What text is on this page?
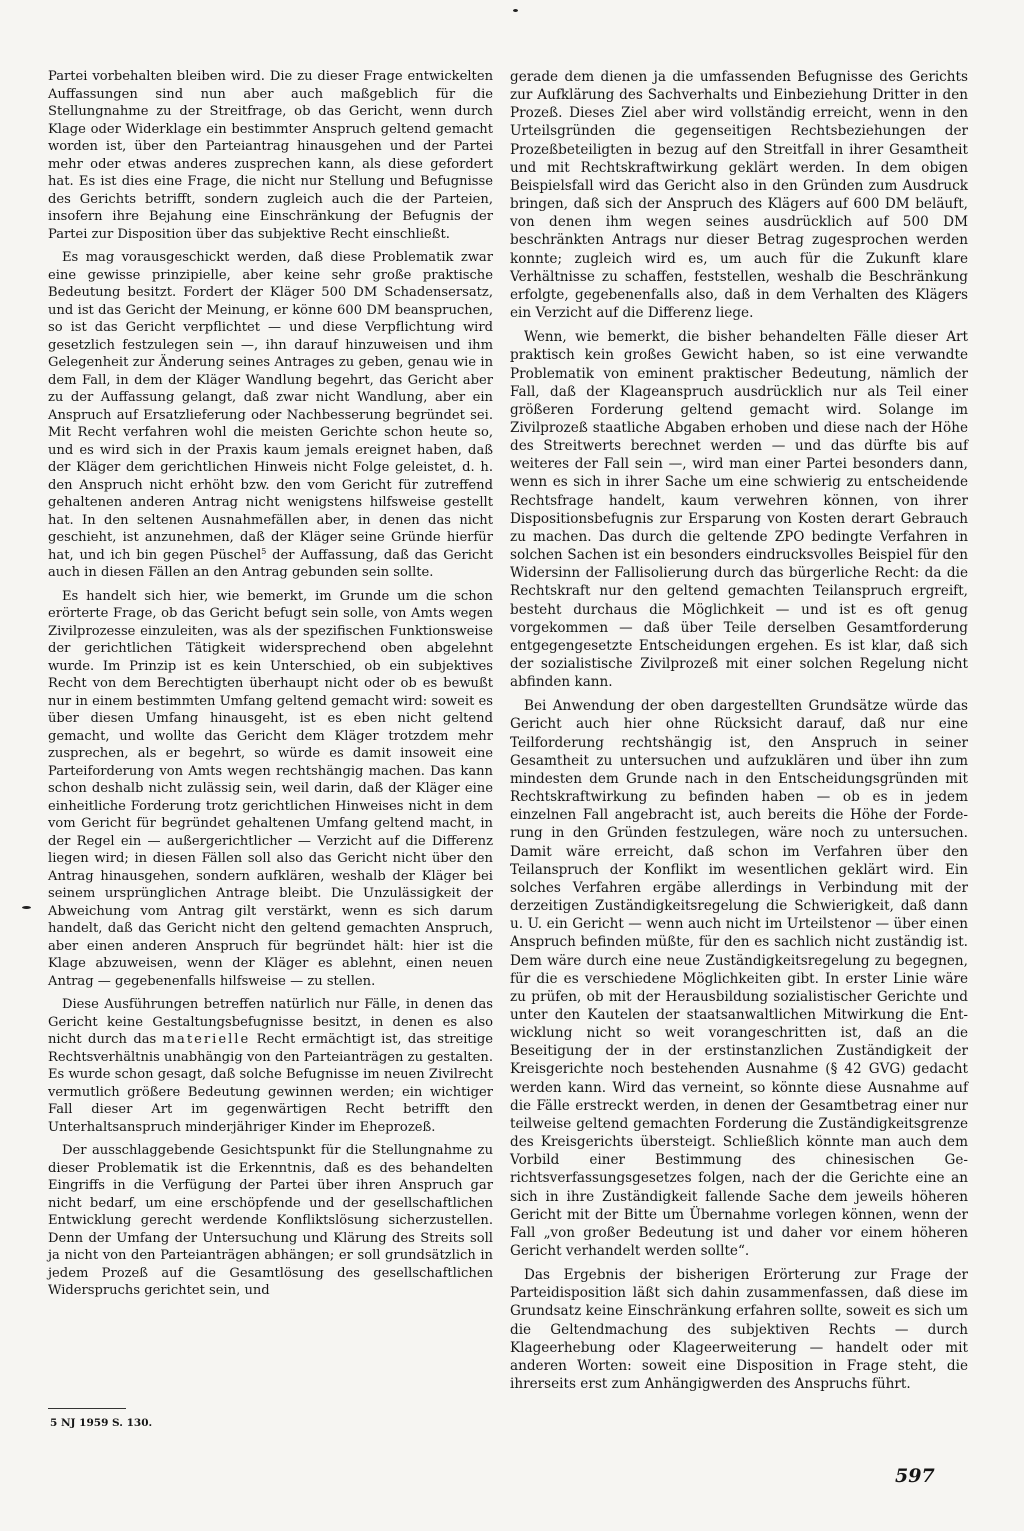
Partei vorbehalten bleiben wird. Die zu dieser Frage entwickelten Auffassungen sind nun aber auch maßgeblich für die Stellungnahme zu der Streitfrage, ob das Gericht, wenn durch Klage oder Widerklage ein bestimmter Anspruch geltend gemacht worden ist, über den Parteiantrag hinausgehen und der Partei mehr oder etwas anderes zusprechen kann, als diese gefordert hat. Es ist dies eine Frage, die nicht nur Stellung und Befugnisse des Gerichts betrifft, sondern zugleich auch die der Parteien, insofern ihre Bejahung eine Einschränkung der Befugnis der Partei zur Disposition über das subjektive Recht einschließt.

Es mag vorausgeschickt werden, daß diese Problematik zwar eine gewisse prinzipielle, aber keine sehr große praktische Bedeutung besitzt. Fordert der Kläger 500 DM Schadensersatz, und ist das Gericht der Meinung, er könne 600 DM beanspruchen, so ist das Gericht verpflichtet — und diese Verpflichtung wird gesetzlich festzulegen sein —, ihn darauf hinzuweisen und ihm Gelegenheit zur Änderung seines Antrages zu geben, genau wie in dem Fall, in dem der Kläger Wandlung begehrt, das Gericht aber zu der Auffassung gelangt, daß zwar nicht Wandlung, aber ein Anspruch auf Ersatzlieferung oder Nachbesserung begründet sei. Mit Recht verfahren wohl die meisten Gerichte schon heute so, und es wird sich in der Praxis kaum jemals ereignet haben, daß der Kläger dem gerichtlichen Hinweis nicht Folge geleistet, d. h. den Anspruch nicht erhöht bzw. den vom Gericht für zutreffend gehaltenen anderen Antrag nicht wenigstens hilfsweise gestellt hat. In den seltenen Ausnahmefällen aber, in denen das nicht geschieht, ist anzunehmen, daß der Kläger seine Gründe hierfür hat, und ich bin gegen Püschel$^5$ der Auffassung, daß das Gericht auch in diesen Fällen an den Antrag gebunden sein sollte.

Es handelt sich hier, wie bemerkt, im Grunde um die schon erörterte Frage, ob das Gericht befugt sein solle, von Amts wegen Zivilprozesse einzuleiten, was als der spezifischen Funktionsweise der gerichtlichen Tätigkeit widersprechend oben abgelehnt wurde. Im Prinzip ist es kein Unterschied, ob ein subjektives Recht von dem Berechtigten überhaupt nicht oder ob es bewußt nur in einem bestimmten Umfang geltend gemacht wird: soweit es über diesen Umfang hinausgeht, ist es eben nicht geltend gemacht, und wollte das Gericht dem Kläger trotzdem mehr zusprechen, als er begehrt, so würde es damit insoweit eine Parteiforderung von Amts wegen rechtshängig machen. Das kann schon deshalb nicht zulässig sein, weil darin, daß der Kläger eine einheitliche Forderung trotz gerichtlichen Hinweises nicht in dem vom Gericht für begründet gehaltenen Umfang geltend macht, in der Regel ein — außergerichtlicher — Verzicht auf die Differenz liegen wird; in diesen Fällen soll also das Gericht nicht über den Antrag hinausgehen, sondern aufklären, weshalb der Kläger bei seinem ursprünglichen Antrage bleibt. Die Unzulässigkeit der Abweichung vom Antrag gilt verstärkt, wenn es sich darum handelt, daß das Gericht nicht den geltend gemachten Anspruch, aber einen anderen Anspruch für begründet hält: hier ist die Klage abzuweisen, wenn der Kläger es ablehnt, einen neuen Antrag — gegebenenfalls hilfsweise — zu stellen.

Diese Ausführungen betreffen natürlich nur Fälle, in denen das Gericht keine Gestaltungsbefugnisse besitzt, in denen es also nicht durch das materielle Recht ermächtigt ist, das streitige Rechtsverhältnis unabhängig von den Parteianträgen zu gestalten. Es wurde schon gesagt, daß solche Befugnisse im neuen Zivilrecht vermutlich größere Bedeutung gewinnen werden; ein wichtiger Fall dieser Art im gegenwärtigen Recht betrifft den Unterhaltsanspruch minderjähriger Kinder im Eheprozeß.

Der ausschlaggebende Gesichtspunkt für die Stellungnahme zu dieser Problematik ist die Erkenntnis, daß es des behandelten Eingriffs in die Verfügung der Partei über ihren Anspruch gar nicht bedarf, um eine erschöpfende und der gesellschaftlichen Entwicklung gerecht werdende Konfliktslösung sicherzustellen. Denn der Umfang der Untersuchung und Klärung des Streits soll ja nicht von den Parteianträgen abhängen; er soll grundsätzlich in jedem Prozeß auf die Gesamtlösung des gesellschaftlichen Widerspruchs gerichtet sein, und

gerade dem dienen ja die umfassenden Befugnisse des Gerichts zur Aufklärung des Sachverhalts und Einbeziehung Dritter in den Prozeß. Dieses Ziel aber wird vollständig erreicht, wenn in den Urteilsgründen die gegenseitigen Rechtsbeziehungen der Prozeßbeteiligten in bezug auf den Streitfall in ihrer Gesamtheit und mit Rechtskraftwirkung geklärt werden. In dem obigen Beispielsfall wird das Gericht also in den Gründen zum Ausdruck bringen, daß sich der Anspruch des Klägers auf 600 DM beläuft, von denen ihm wegen seines ausdrücklich auf 500 DM beschränkten Antrags nur dieser Betrag zugesprochen werden konnte; zugleich wird es, um auch für die Zukunft klare Verhältnisse zu schaffen, feststellen, weshalb die Beschränkung erfolgte, gegebenenfalls also, daß in dem Verhalten des Klägers ein Verzicht auf die Differenz liege.

Wenn, wie bemerkt, die bisher behandelten Fälle dieser Art praktisch kein großes Gewicht haben, so ist eine verwandte Problematik von eminent praktischer Bedeutung, nämlich der Fall, daß der Klageanspruch ausdrücklich nur als Teil einer größeren Forderung geltend gemacht wird. Solange im Zivilprozeß staatliche Abgaben erhoben und diese nach der Höhe des Streitwerts berechnet werden — und das dürfte bis auf weiteres der Fall sein —, wird man einer Partei besonders dann, wenn es sich in ihrer Sache um eine schwierig zu entscheidende Rechtsfrage handelt, kaum verwehren können, von ihrer Dispositionsbefugnis zur Ersparung von Kosten derart Gebrauch zu machen. Das durch die geltende ZPO bedingte Verfahren in solchen Sachen ist ein besonders eindrucksvolles Beispiel für den Widersinn der Fallisolierung durch das bürgerliche Recht: da die Rechtskraft nur den geltend gemachten Teilanspruch ergreift, besteht durchaus die Möglichkeit — und ist es oft genug vorgekommen — daß über Teile derselben Gesamtforderung entgegengesetzte Entscheidungen ergehen. Es ist klar, daß sich der sozialistische Zivilprozeß mit einer solchen Regelung nicht abfinden kann.

Bei Anwendung der oben dargestellten Grundsätze würde das Gericht auch hier ohne Rücksicht darauf, daß nur eine Teilforderung rechtshängig ist, den Anspruch in seiner Gesamtheit zu untersuchen und aufzuklären und über ihn zum mindesten dem Grunde nach in den Entscheidungsgründen mit Rechtskraftwirkung zu befinden haben — ob es in jedem einzelnen Fall angebracht ist, auch bereits die Höhe der Forderung in den Gründen festzulegen, wäre noch zu untersuchen. Damit wäre erreicht, daß schon im Verfahren über den Teilanspruch der Konflikt im wesentlichen geklärt wird. Ein solches Verfahren ergäbe allerdings in Verbindung mit der derzeitigen Zuständigkeitsregelung die Schwierigkeit, daß dann u. U. ein Gericht — wenn auch nicht im Urteilstenor — über einen Anspruch befinden müßte, für den es sachlich nicht zuständig ist. Dem wäre durch eine neue Zuständigkeitsregelung zu begegnen, für die es verschiedene Möglichkeiten gibt. In erster Linie wäre zu prüfen, ob mit der Herausbildung sozialistischer Gerichte und unter den Kautelen der staatsanwaltlichen Mitwirkung die Entwicklung nicht so weit vorangeschritten ist, daß an die Beseitigung der in der erstinstanzlichen Zuständigkeit der Kreisgerichte noch bestehenden Ausnahme (§ 42 GVG) gedacht werden kann. Wird das verneint, so könnte diese Ausnahme auf die Fälle erstreckt werden, in denen der Gesamtbetrag einer nur teilweise geltend gemachten Forderung die Zuständigkeitsgrenze des Kreisgerichts übersteigt. Schließlich könnte man auch dem Vorbild einer Bestimmung des chinesischen Gerichtsverfassungsgesetzes folgen, nach der die Gerichte eine an sich in ihre Zuständigkeit fallende Sache dem jeweils höheren Gericht mit der Bitte um Übernahme vorlegen können, wenn der Fall „von großer Bedeutung ist und daher vor einem höheren Gericht verhandelt werden sollte“.

Das Ergebnis der bisherigen Erörterung zur Frage der Parteidisposition läßt sich dahin zusammenfassen, daß diese im Grundsatz keine Einschränkung erfahren sollte, soweit es sich um die Geltendmachung des subjektiven Rechts — durch Klageerhebung oder Klageerweiterung — handelt oder mit anderen Worten: soweit eine Disposition in Frage steht, die ihrerseits erst zum Anhängigwerden des Anspruchs führt.

5 NJ 1959 S. 130.
597
